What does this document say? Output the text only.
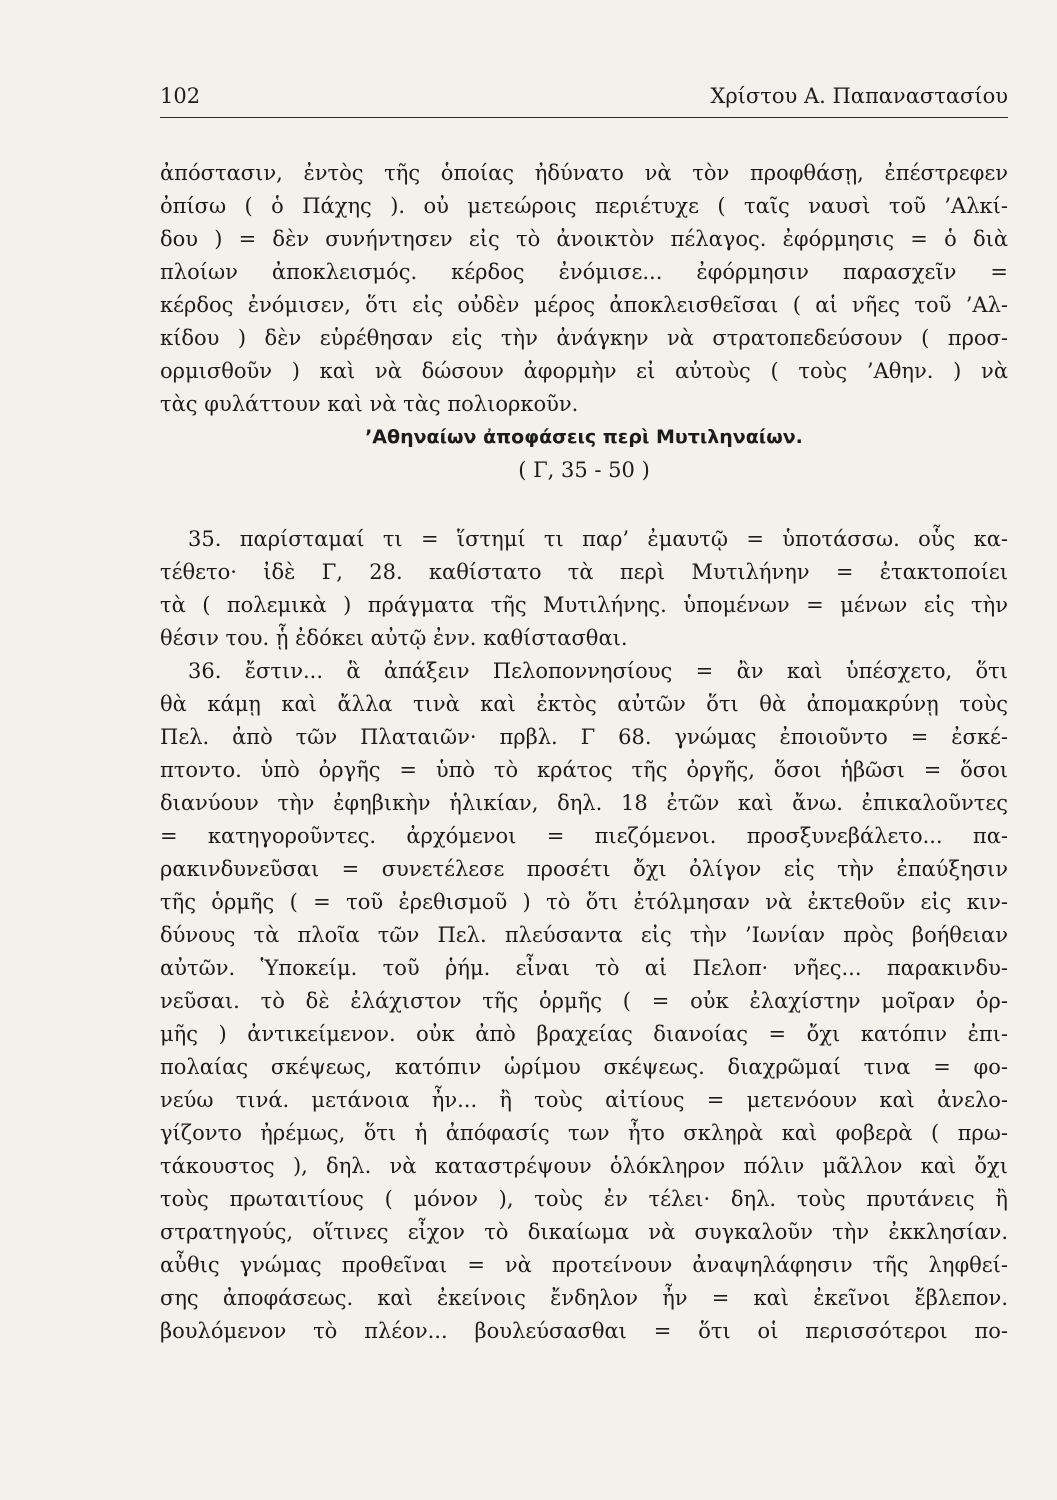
102	Χρίστου Α. Παπαναστασίου
ἀπόστασιν, ἐντὸς τῆς ὁποίας ἠδύνατο νὰ τὸν προφθάσῃ, ἐπέστρεφεν
ὀπίσω ( ὁ Πάχης ). οὐ μετεώροις περιέτυχε ( ταῖς ναυσὶ τοῦ ’Αλκί-
δου ) = δὲν συνήντησεν εἰς τὸ ἀνοικτὸν πέλαγος. ἐφόρμησις = ὁ διὰ
πλοίων ἀποκλεισμός. κέρδος ἐνόμισε... ἐφόρμησιν παρασχεῖν =
κέρδος ἐνόμισεν, ὅτι εἰς οὐδὲν μέρος ἀποκλεισθεῖσαι ( αἱ νῆες τοῦ ’Αλ-
κίδου ) δὲν εὑρέθησαν εἰς τὴν ἀνάγκην νὰ στρατοπεδεύσουν ( προσ-
ορμισθοῦν ) καὶ νὰ δώσουν ἀφορμὴν εἰ αὐτοὺς ( τοὺς ’Αθην. ) νὰ
τὰς φυλάττουν καὶ νὰ τὰς πολιορκοῦν.
’Αθηναίων ἀποφάσεις περὶ Μυτιληναίων.
( Γ, 35 - 50 )
35. παρίσταμαί τι = ἵστημί τι παρ’ ἐμαυτῷ = ὑποτάσσω. οὗς κα-
τέθετο· ἰδὲ Γ, 28. καθίστατο τὰ περὶ Μυτιλήνην = ἐτακτοποίει
τὰ ( πολεμικὰ ) πράγματα τῆς Μυτιλήνης. ὑπομένων = μένων εἰς τὴν
θέσιν του. ᾗ ἐδόκει αὐτῷ ἐνν. καθίστασθαι.
36. ἔστιν... ἃ ἀπάξειν Πελοποννησίους = ἂν καὶ ὑπέσχετο, ὅτι
θὰ κάμῃ καὶ ἄλλα τινὰ καὶ ἐκτὸς αὐτῶν ὅτι θὰ ἀπομακρύνῃ τοὺς
Πελ. ἀπὸ τῶν Πλαταιῶν· πρβλ. Γ 68. γνώμας ἐποιοῦντο = ἐσκέ-
πτοντο. ὑπὸ ὀργῆς = ὑπὸ τὸ κράτος τῆς ὀργῆς, ὅσοι ἡβῶσι = ὅσοι
διανύουν τὴν ἐφηβικὴν ἡλικίαν, δηλ. 18 ἐτῶν καὶ ἄνω. ἐπικαλοῦντες
= κατηγοροῦντες. ἀρχόμενοι = πιεζόμενοι. προσξυνεβάλετο... πα-
ρακινδυνεῦσαι = συνετέλεσε προσέτι ὄχι ὀλίγον εἰς τὴν ἐπαύξησιν
τῆς ὁρμῆς ( = τοῦ ἐρεθισμοῦ ) τὸ ὅτι ἐτόλμησαν νὰ ἐκτεθοῦν εἰς κιν-
δύνους τὰ πλοῖα τῶν Πελ. πλεύσαντα εἰς τὴν ’Ιωνίαν πρὸς βοήθειαν
αὐτῶν. Ὑποκείμ. τοῦ ῥήμ. εἶναι τὸ αἱ Πελοπ· νῆες... παρακινδυ-
νεῦσαι. τὸ δὲ ἐλάχιστον τῆς ὁρμῆς ( = οὐκ ἐλαχίστην μοῖραν ὁρ-
μῆς ) ἀντικείμενον. οὐκ ἀπὸ βραχείας διανοίας = ὄχι κατόπιν ἐπι-
πολαίας σκέψεως, κατόπιν ὡρίμου σκέψεως. διαχρῶμαί τινα = φο-
νεύω τινά. μετάνοια ἦν... ἢ τοὺς αἰτίους = μετενόουν καὶ ἀνελο-
γίζοντο ἠρέμως, ὅτι ἡ ἀπόφασίς των ἦτο σκληρὰ καὶ φοβερὰ ( πρω-
τάκουστος ), δηλ. νὰ καταστρέψουν ὁλόκληρον πόλιν μᾶλλον καὶ ὄχι
τοὺς πρωταιτίους ( μόνον ), τοὺς ἐν τέλει· δηλ. τοὺς πρυτάνεις ἢ
στρατηγούς, οἵτινες εἶχον τὸ δικαίωμα νὰ συγκαλοῦν τὴν ἐκκλησίαν.
αὖθις γνώμας προθεῖναι = νὰ προτείνουν ἀναψηλάφησιν τῆς ληφθεί-
σης ἀποφάσεως. καὶ ἐκείνοις ἔνδηλον ἦν = καὶ ἐκεῖνοι ἔβλεπον.
βουλόμενον τὸ πλέον... βουλεύσασθαι = ὅτι οἱ περισσότεροι πο-
